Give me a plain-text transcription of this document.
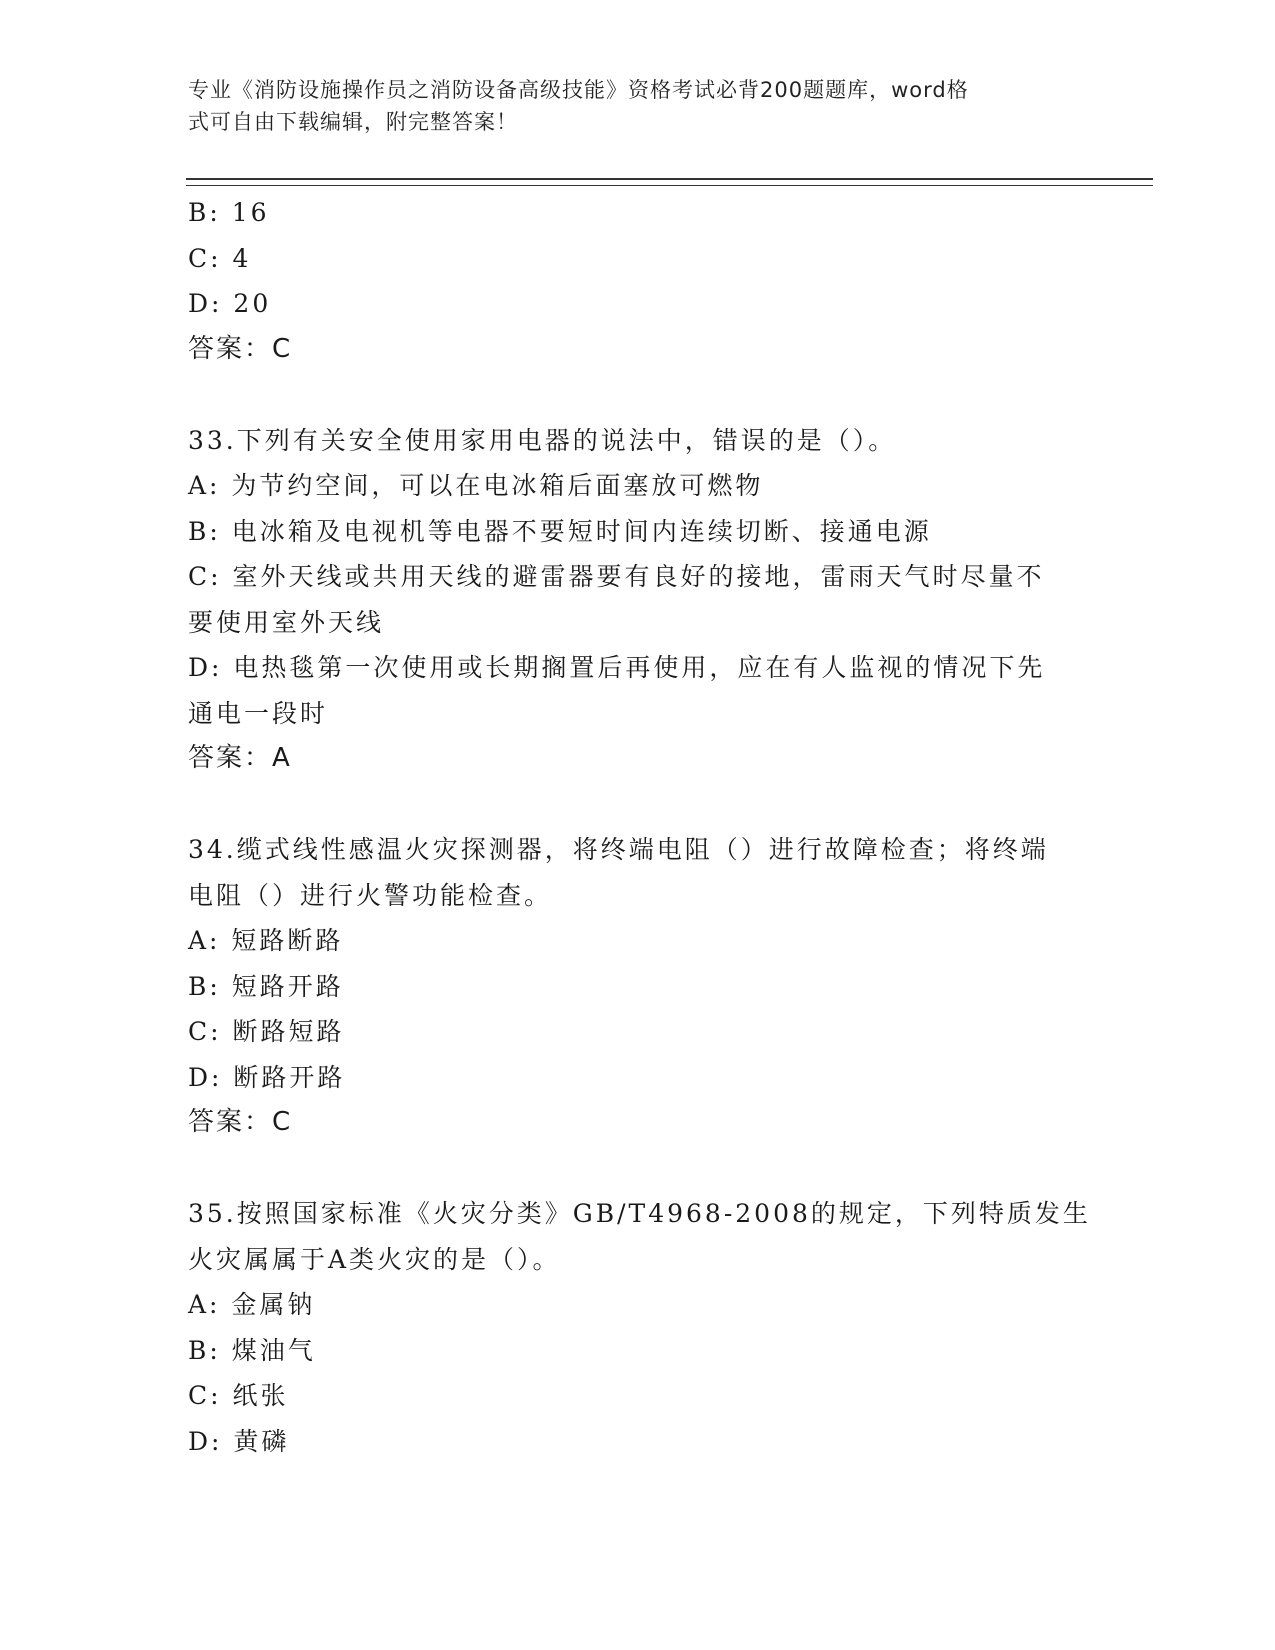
专业《消防设施操作员之消防设备高级技能》资格考试必背200题题库，word格
式可自由下载编辑，附完整答案！
B: 16
C: 4
D: 20
答案：C
33.下列有关安全使用家用电器的说法中，错误的是（）。
A: 为节约空间，可以在电冰箱后面塞放可燃物
B: 电冰箱及电视机等电器不要短时间内连续切断、接通电源
C: 室外天线或共用天线的避雷器要有良好的接地，雷雨天气时尽量不
要使用室外天线
D: 电热毯第一次使用或长期搁置后再使用，应在有人监视的情况下先
通电一段时
答案：A
34.缆式线性感温火灾探测器，将终端电阻（）进行故障检查；将终端
电阻（）进行火警功能检查。
A: 短路断路
B: 短路开路
C: 断路短路
D: 断路开路
答案：C
35.按照国家标准《火灾分类》GB/T4968-2008的规定，下列特质发生
火灾属属于A类火灾的是（）。
A: 金属钠
B: 煤油气
C: 纸张
D: 黄磷
